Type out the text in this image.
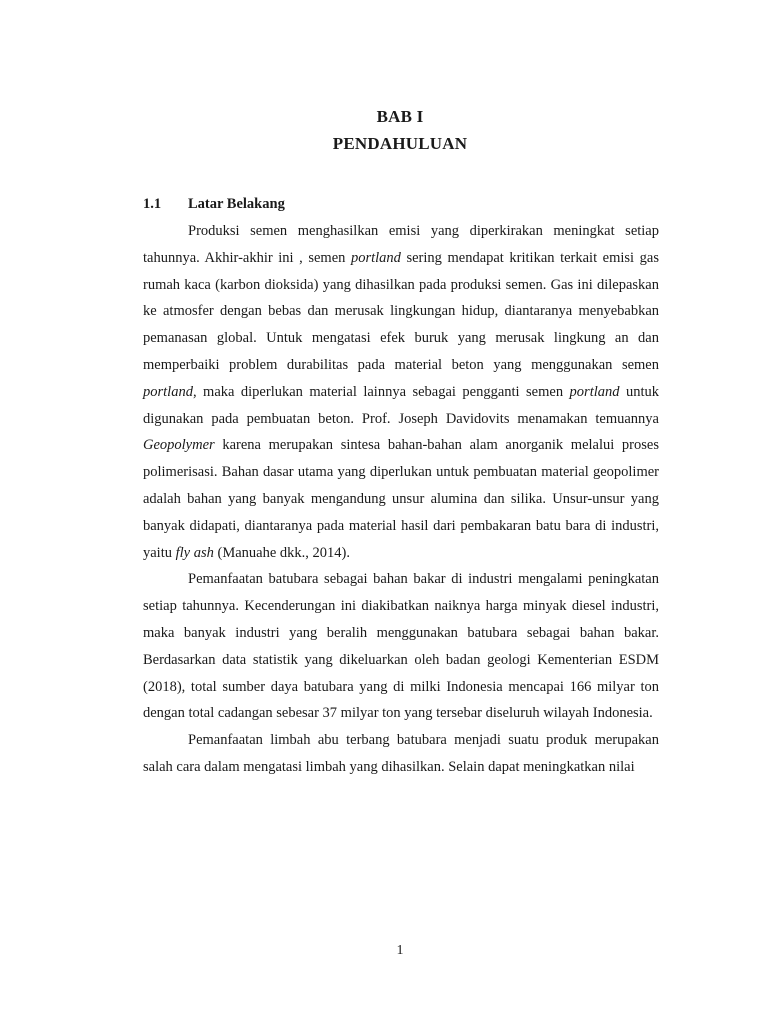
BAB I
PENDAHULUAN
1.1 Latar Belakang

Produksi semen menghasilkan emisi yang diperkirakan meningkat setiap tahunnya. Akhir-akhir ini , semen portland sering mendapat kritikan terkait emisi gas rumah kaca (karbon dioksida) yang dihasilkan pada produksi semen. Gas ini dilepaskan ke atmosfer dengan bebas dan merusak lingkungan hidup, diantaranya menyebabkan pemanasan global. Untuk mengatasi efek buruk yang merusak lingkung an dan memperbaiki problem durabilitas pada material beton yang menggunakan semen portland, maka diperlukan material lainnya sebagai pengganti semen portland untuk digunakan pada pembuatan beton. Prof. Joseph Davidovits menamakan temuannya Geopolymer karena merupakan sintesa bahan-bahan alam anorganik melalui proses polimerisasi. Bahan dasar utama yang diperlukan untuk pembuatan material geopolimer adalah bahan yang banyak mengandung unsur alumina dan silika. Unsur-unsur yang banyak didapati, diantaranya pada material hasil dari pembakaran batu bara di industri, yaitu fly ash (Manuahe dkk., 2014).

Pemanfaatan batubara sebagai bahan bakar di industri mengalami peningkatan setiap tahunnya. Kecenderungan ini diakibatkan naiknya harga minyak diesel industri, maka banyak industri yang beralih menggunakan batubara sebagai bahan bakar. Berdasarkan data statistik yang dikeluarkan oleh badan geologi Kementerian ESDM (2018), total sumber daya batubara yang di milki Indonesia mencapai 166 milyar ton dengan total cadangan sebesar 37 milyar ton yang tersebar diseluruh wilayah Indonesia.

Pemanfaatan limbah abu terbang batubara menjadi suatu produk merupakan salah cara dalam mengatasi limbah yang dihasilkan. Selain dapat meningkatkan nilai

1
